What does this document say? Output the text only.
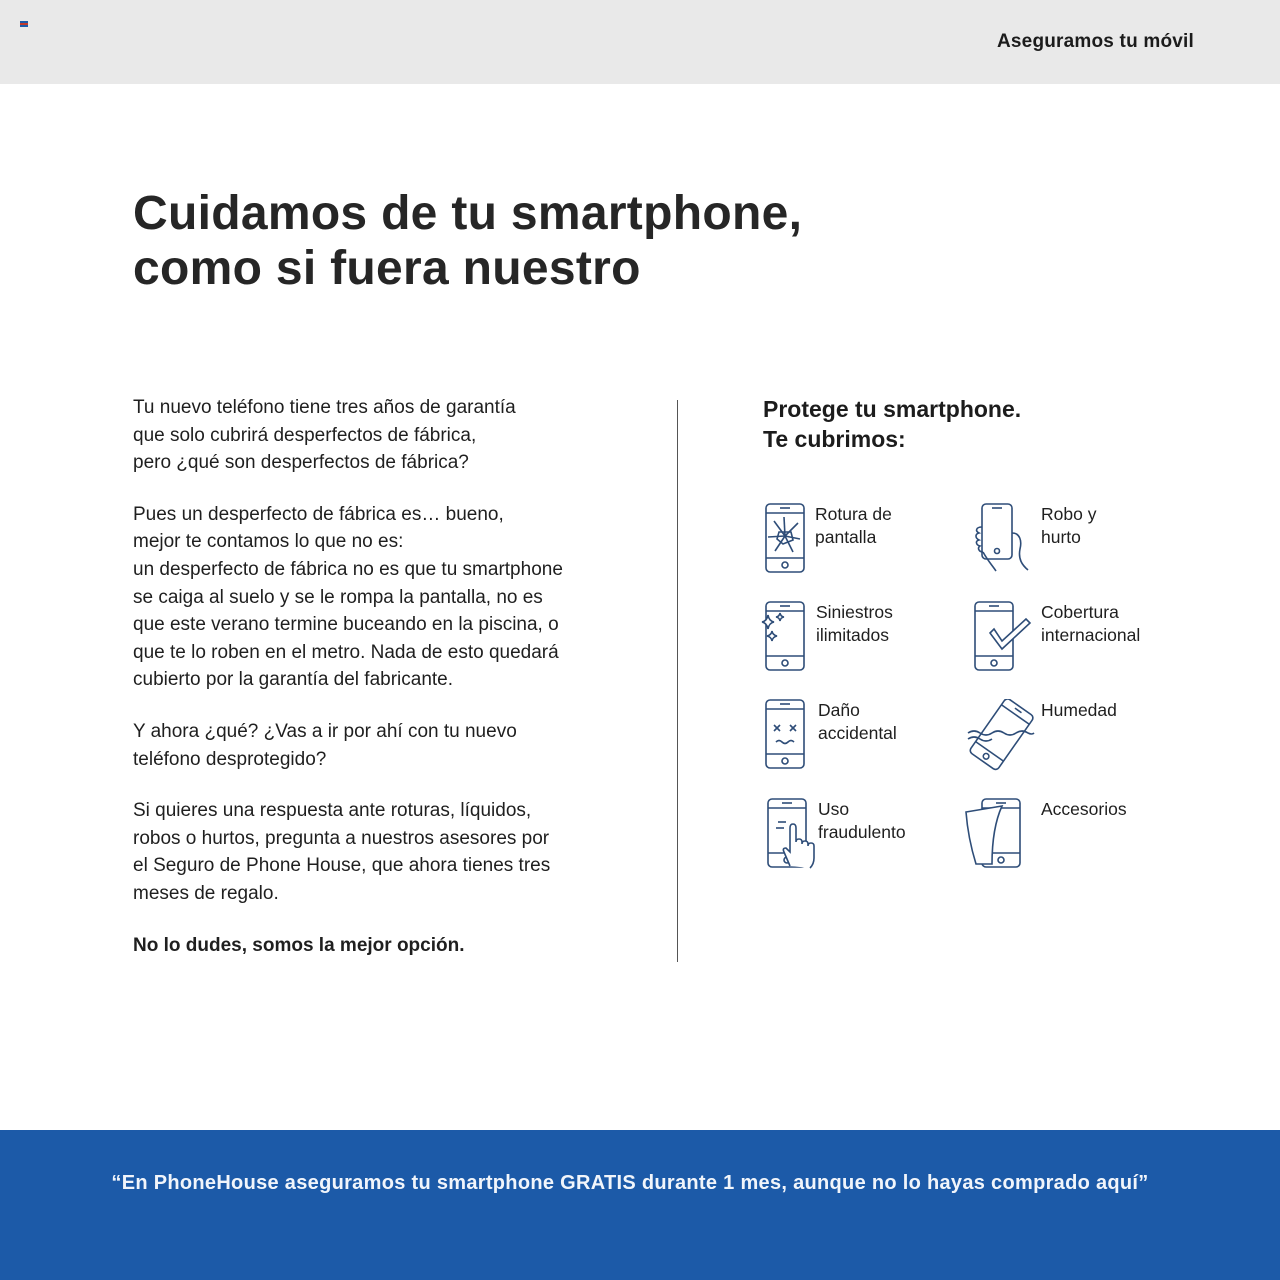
Aseguramos tu móvil
Cuidamos de tu smartphone,
como si fuera nuestro

Tu nuevo teléfono tiene tres años de garantía
que solo cubrirá desperfectos de fábrica,
pero ¿qué son desperfectos de fábrica?

Pues un desperfecto de fábrica es… bueno,
mejor te contamos lo que no es:
un desperfecto de fábrica no es que tu smartphone
se caiga al suelo y se le rompa la pantalla, no es
que este verano termine buceando en la piscina, o
que te lo roben en el metro. Nada de esto quedará
cubierto por la garantía del fabricante.

Y ahora ¿qué? ¿Vas a ir por ahí con tu nuevo
teléfono desprotegido?

Si quieres una respuesta ante roturas, líquidos,
robos o hurtos, pregunta a nuestros asesores por
el Seguro de Phone House, que ahora tienes tres
meses de regalo.

No lo dudes, somos la mejor opción.

Protege tu smartphone.
Te cubrimos:
Rotura de
pantalla
Robo y
hurto
Siniestros
ilimitados
Cobertura
internacional
Daño
accidental
Humedad
Uso
fraudulento
Accesorios
“En PhoneHouse aseguramos tu smartphone GRATIS durante 1 mes, aunque no lo hayas comprado aquí”
